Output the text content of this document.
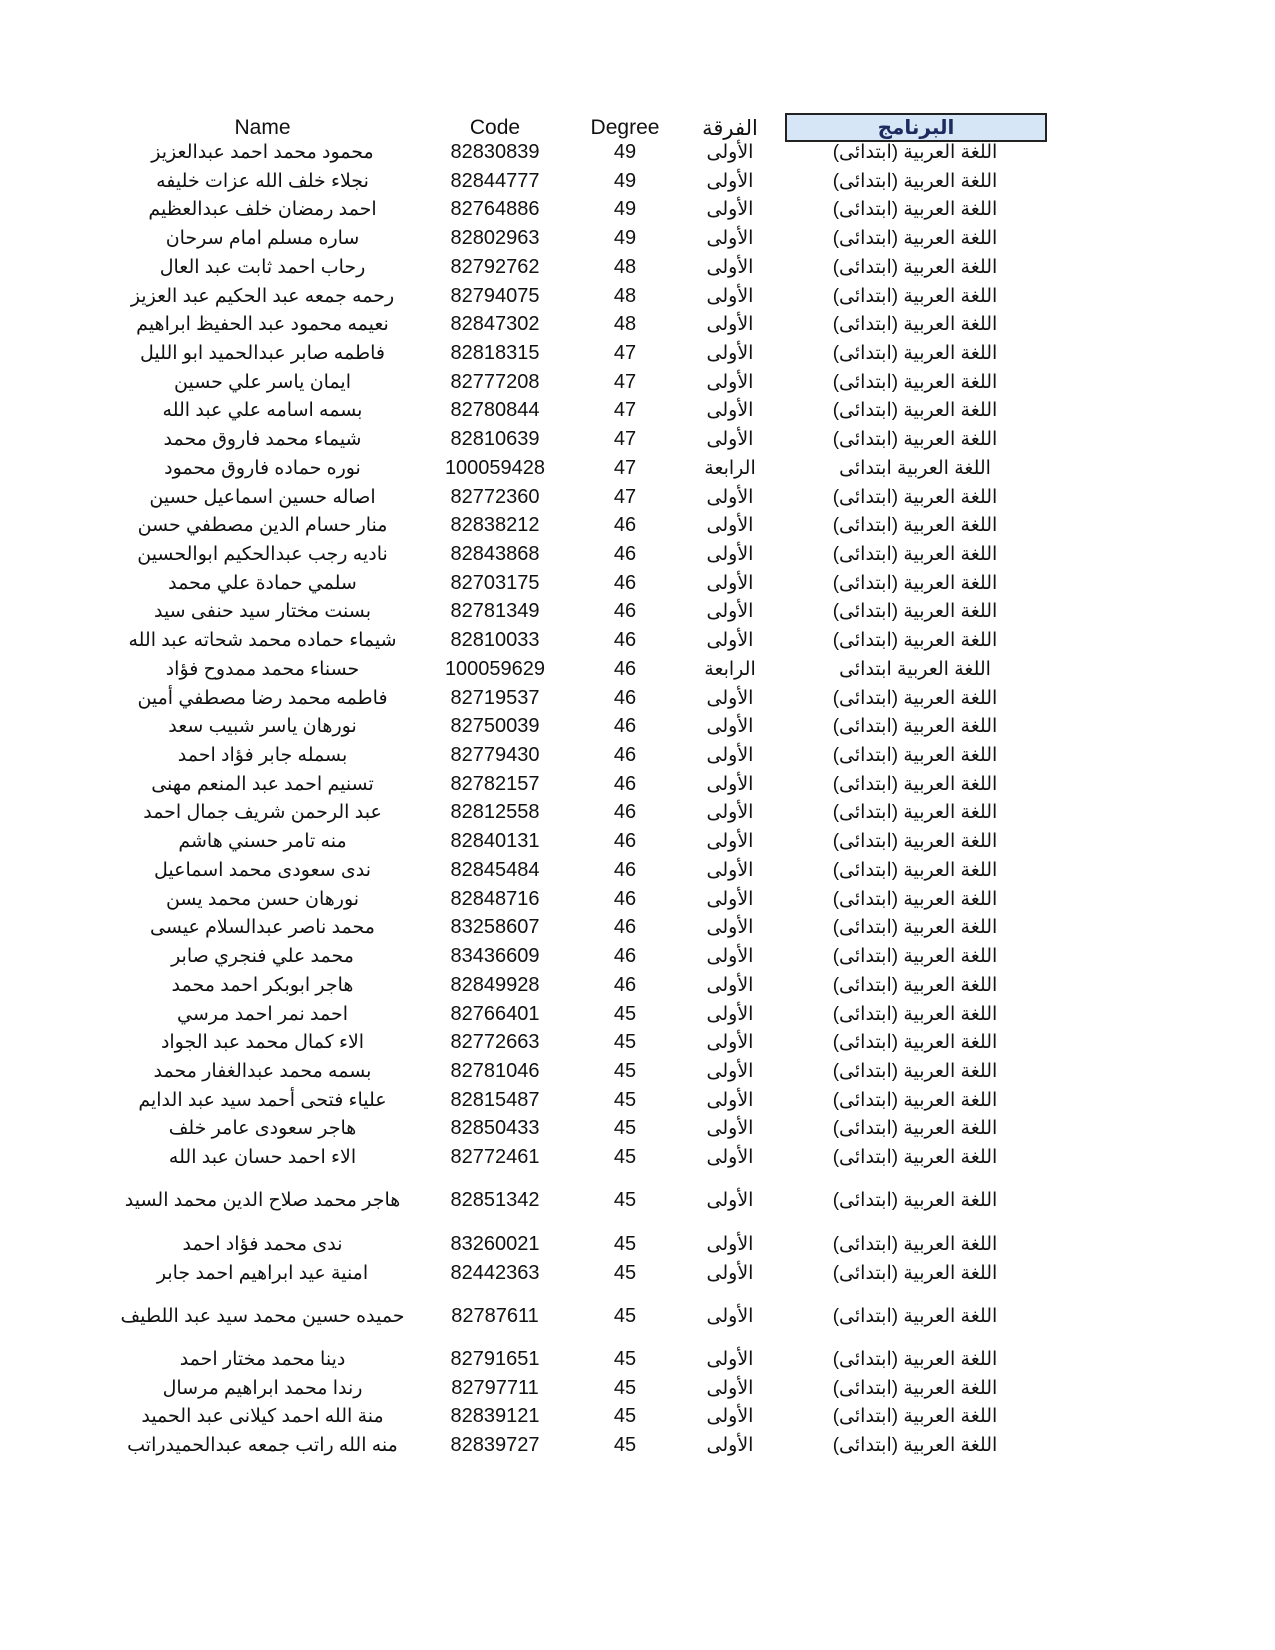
Name	Code	Degree	الفرقة	البرنامج
محمود محمد احمد عبدالعزيز	82830839	49	الأولى	اللغة العربية (ابتدائى)
نجلاء خلف الله عزات خليفه	82844777	49	الأولى	اللغة العربية (ابتدائى)
احمد رمضان خلف عبدالعظيم	82764886	49	الأولى	اللغة العربية (ابتدائى)
ساره مسلم امام سرحان	82802963	49	الأولى	اللغة العربية (ابتدائى)
رحاب احمد ثابت عبد العال	82792762	48	الأولى	اللغة العربية (ابتدائى)
رحمه جمعه عبد الحكيم عبد العزيز	82794075	48	الأولى	اللغة العربية (ابتدائى)
نعيمه محمود عبد الحفيظ ابراهيم	82847302	48	الأولى	اللغة العربية (ابتدائى)
فاطمه صابر عبدالحميد ابو الليل	82818315	47	الأولى	اللغة العربية (ابتدائى)
ايمان ياسر علي حسين	82777208	47	الأولى	اللغة العربية (ابتدائى)
بسمه اسامه علي عبد الله	82780844	47	الأولى	اللغة العربية (ابتدائى)
شيماء محمد فاروق محمد	82810639	47	الأولى	اللغة العربية (ابتدائى)
نوره حماده فاروق محمود	100059428	47	الرابعة	اللغة العربية ابتدائى
اصاله حسين اسماعيل حسين	82772360	47	الأولى	اللغة العربية (ابتدائى)
منار حسام الدين مصطفي حسن	82838212	46	الأولى	اللغة العربية (ابتدائى)
ناديه رجب عبدالحكيم ابوالحسين	82843868	46	الأولى	اللغة العربية (ابتدائى)
سلمي حمادة علي محمد	82703175	46	الأولى	اللغة العربية (ابتدائى)
بسنت مختار سيد حنفى سيد	82781349	46	الأولى	اللغة العربية (ابتدائى)
شيماء حماده محمد شحاته عبد الله	82810033	46	الأولى	اللغة العربية (ابتدائى)
حسناء محمد ممدوح فؤاد	100059629	46	الرابعة	اللغة العربية ابتدائى
فاطمه محمد رضا مصطفي أمين	82719537	46	الأولى	اللغة العربية (ابتدائى)
نورهان ياسر شبيب سعد	82750039	46	الأولى	اللغة العربية (ابتدائى)
بسمله جابر فؤاد احمد	82779430	46	الأولى	اللغة العربية (ابتدائى)
تسنيم احمد عبد المنعم مهنى	82782157	46	الأولى	اللغة العربية (ابتدائى)
عبد الرحمن شريف جمال احمد	82812558	46	الأولى	اللغة العربية (ابتدائى)
منه تامر حسني هاشم	82840131	46	الأولى	اللغة العربية (ابتدائى)
ندى سعودى محمد اسماعيل	82845484	46	الأولى	اللغة العربية (ابتدائى)
نورهان حسن محمد يسن	82848716	46	الأولى	اللغة العربية (ابتدائى)
محمد ناصر عبدالسلام عيسى	83258607	46	الأولى	اللغة العربية (ابتدائى)
محمد علي فنجري صابر	83436609	46	الأولى	اللغة العربية (ابتدائى)
هاجر ابوبكر احمد محمد	82849928	46	الأولى	اللغة العربية (ابتدائى)
احمد نمر احمد مرسي	82766401	45	الأولى	اللغة العربية (ابتدائى)
الاء كمال محمد عبد الجواد	82772663	45	الأولى	اللغة العربية (ابتدائى)
بسمه محمد عبدالغفار محمد	82781046	45	الأولى	اللغة العربية (ابتدائى)
علياء فتحى أحمد سيد عبد الدايم	82815487	45	الأولى	اللغة العربية (ابتدائى)
هاجر سعودى عامر خلف	82850433	45	الأولى	اللغة العربية (ابتدائى)
الاء احمد حسان عبد الله	82772461	45	الأولى	اللغة العربية (ابتدائى)
هاجر محمد صلاح الدين محمد السيد	82851342	45	الأولى	اللغة العربية (ابتدائى)
ندى محمد فؤاد احمد	83260021	45	الأولى	اللغة العربية (ابتدائى)
امنية عيد ابراهيم احمد جابر	82442363	45	الأولى	اللغة العربية (ابتدائى)
حميده حسين محمد سيد عبد اللطيف	82787611	45	الأولى	اللغة العربية (ابتدائى)
دينا محمد مختار احمد	82791651	45	الأولى	اللغة العربية (ابتدائى)
رندا محمد ابراهيم مرسال	82797711	45	الأولى	اللغة العربية (ابتدائى)
منة الله احمد كيلانى عبد الحميد	82839121	45	الأولى	اللغة العربية (ابتدائى)
منه الله راتب جمعه عبدالحميدراتب	82839727	45	الأولى	اللغة العربية (ابتدائى)
